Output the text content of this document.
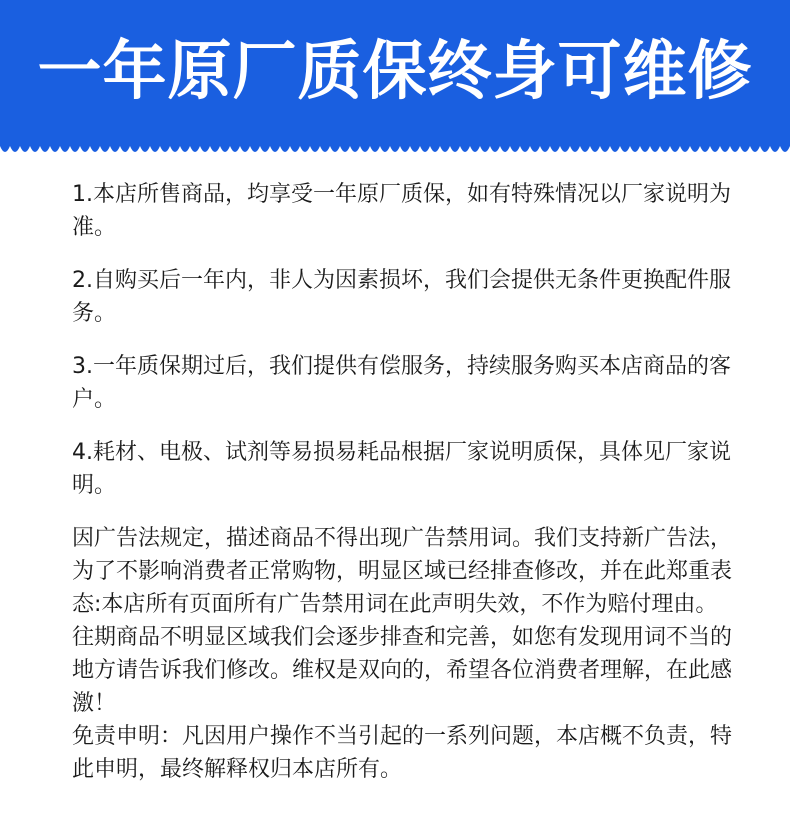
一年原厂质保终身可维修

1.本店所售商品，均享受一年原厂质保，如有特殊情况以厂家说明为准。

2.自购买后一年内，非人为因素损坏，我们会提供无条件更换配件服务。

3.一年质保期过后，我们提供有偿服务，持续服务购买本店商品的客户。

4.耗材、电极、试剂等易损易耗品根据厂家说明质保，具体见厂家说明。

因广告法规定，描述商品不得出现广告禁用词。我们支持新广告法，为了不影响消费者正常购物，明显区域已经排查修改，并在此郑重表态:本店所有页面所有广告禁用词在此声明失效，不作为赔付理由。往期商品不明显区域我们会逐步排查和完善，如您有发现用词不当的地方请告诉我们修改。维权是双向的，希望各位消费者理解，在此感激！

免责申明：凡因用户操作不当引起的一系列问题，本店概不负责，特此申明，最终解释权归本店所有。
